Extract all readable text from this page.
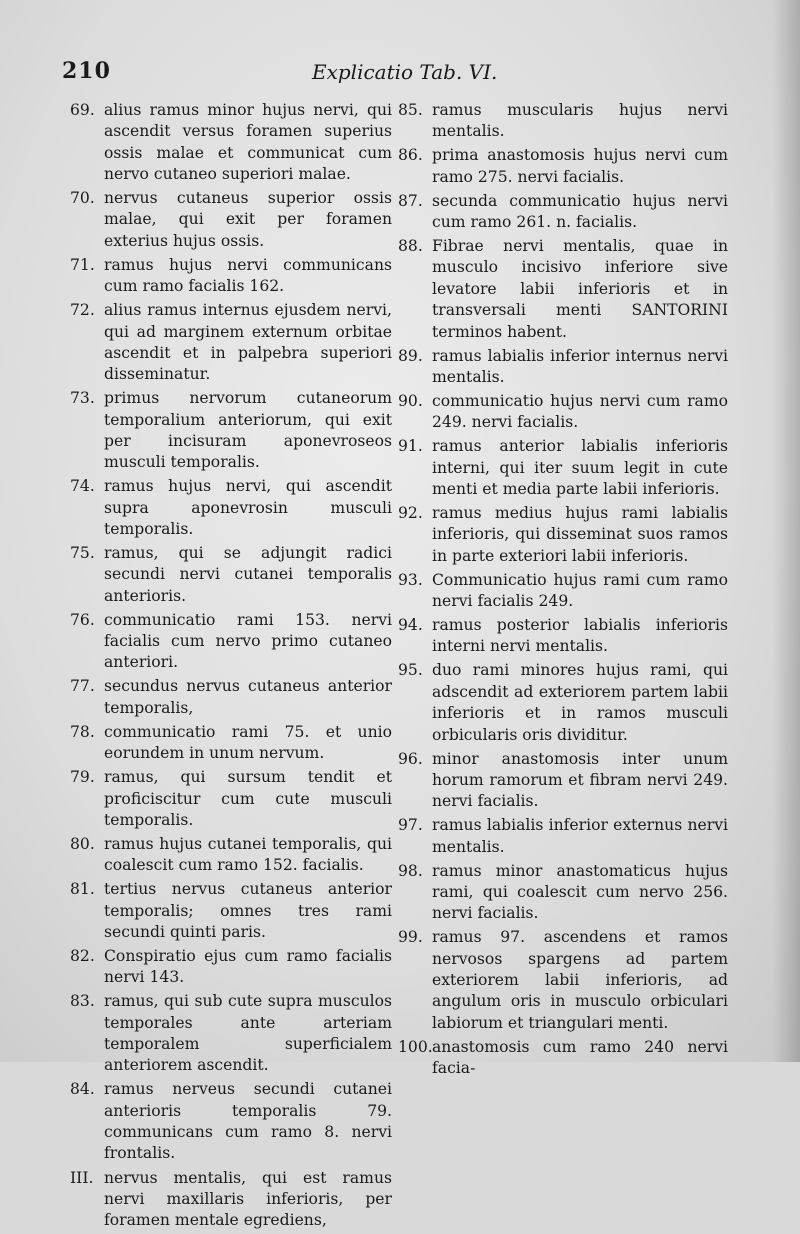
210	Explicatio Tab. VI.
69. alius ramus minor hujus nervi, qui ascendit versus foramen superius ossis malae et communicat cum nervo cutaneo superiori malae.
70. nervus cutaneus superior ossis malae, qui exit per foramen exterius hujus ossis.
71. ramus hujus nervi communicans cum ramo facialis 162.
72. alius ramus internus ejusdem nervi, qui ad marginem externum orbitae ascendit et in palpebra superiori disseminatur.
73. primus nervorum cutaneorum temporalium anteriorum, qui exit per incisuram aponevroseos musculi temporalis.
74. ramus hujus nervi, qui ascendit supra aponevrosin musculi temporalis.
75. ramus, qui se adjungit radici secundi nervi cutanei temporalis anterioris.
76. communicatio rami 153. nervi facialis cum nervo primo cutaneo anteriori.
77. secundus nervus cutaneus anterior temporalis,
78. communicatio rami 75. et unio eorundem in unum nervum.
79. ramus, qui sursum tendit et proficiscitur cum cute musculi temporalis.
80. ramus hujus cutanei temporalis, qui coalescit cum ramo 152. facialis.
81. tertius nervus cutaneus anterior temporalis; omnes tres rami secundi quinti paris.
82. Conspiratio ejus cum ramo facialis nervi 143.
83. ramus, qui sub cute supra musculos temporales ante arteriam temporalem superficialem anteriorem ascendit.
84. ramus nerveus secundi cutanei anterioris temporalis 79. communicans cum ramo 8. nervi frontalis.
III. nervus mentalis, qui est ramus nervi maxillaris inferioris, per foramen mentale egrediens,
85. ramus muscularis hujus nervi mentalis.
86. prima anastomosis hujus nervi cum ramo 275. nervi facialis.
87. secunda communicatio hujus nervi cum ramo 261. n. facialis.
88. Fibrae nervi mentalis, quae in musculo incisivo inferiore sive levatore labii inferioris et in transversali menti SANTORINI terminos habent.
89. ramus labialis inferior internus nervi mentalis.
90. communicatio hujus nervi cum ramo 249. nervi facialis.
91. ramus anterior labialis inferioris interni, qui iter suum legit in cute menti et media parte labii inferioris.
92. ramus medius hujus rami labialis inferioris, qui disseminat suos ramos in parte exteriori labii inferioris.
93. Communicatio hujus rami cum ramo nervi facialis 249.
94. ramus posterior labialis inferioris interni nervi mentalis.
95. duo rami minores hujus rami, qui adscendit ad exteriorem partem labii inferioris et in ramos musculi orbicularis oris dividitur.
96. minor anastomosis inter unum horum ramorum et fibram nervi 249. nervi facialis.
97. ramus labialis inferior externus nervi mentalis.
98. ramus minor anastomaticus hujus rami, qui coalescit cum nervo 256. nervi facialis.
99. ramus 97. ascendens et ramos nervosos spargens ad partem exteriorem labii inferioris, ad angulum oris in musculo orbiculari labiorum et triangulari menti.
100. anastomosis cum ramo 240 nervi facia-
